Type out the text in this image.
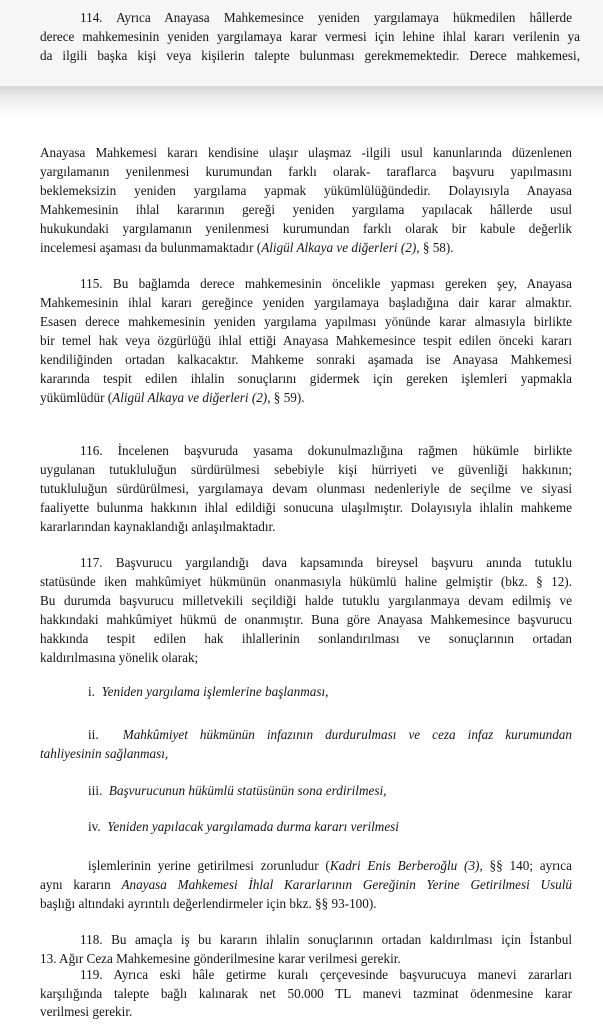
114. Ayrıca Anayasa Mahkemesince yeniden yargılamaya hükmedilen hâllerde
derece mahkemesinin yeniden yargılamaya karar vermesi için lehine ihlal kararı verilenin ya
da ilgili başka kişi veya kişilerin talepte bulunması gerekmemektedir. Derece mahkemesi,
Anayasa Mahkemesi kararı kendisine ulaşır ulaşmaz -ilgili usul kanunlarında düzenlenen
yargılamanın yenilenmesi kurumundan farklı olarak- taraflarca başvuru yapılmasını
beklemeksizin yeniden yargılama yapmak yükümlülüğündedir. Dolayısıyla Anayasa
Mahkemesinin ihlal kararının gereği yeniden yargılama yapılacak hâllerde usul
hukukundaki yargılamanın yenilenmesi kurumundan farklı olarak bir kabule değerlik
incelemesi aşaması da bulunmamaktadır (Aligül Alkaya ve diğerleri (2), § 58).
115. Bu bağlamda derece mahkemesinin öncelikle yapması gereken şey, Anayasa
Mahkemesinin ihlal kararı gereğince yeniden yargılamaya başladığına dair karar almaktır.
Esasen derece mahkemesinin yeniden yargılama yapılması yönünde karar almasıyla birlikte
bir temel hak veya özgürlüğü ihlal ettiği Anayasa Mahkemesince tespit edilen önceki kararı
kendiliğinden ortadan kalkacaktır. Mahkeme sonraki aşamada ise Anayasa Mahkemesi
kararında tespit edilen ihlalin sonuçlarını gidermek için gereken işlemleri yapmakla
yükümlüdür (Aligül Alkaya ve diğerleri (2), § 59).
116. İncelenen başvuruda yasama dokunulmazlığına rağmen hükümle birlikte
uygulanan tutukluluğun sürdürülmesi sebebiyle kişi hürriyeti ve güvenliği hakkının;
tutukluluğun sürdürülmesi, yargılamaya devam olunması nedenleriyle de seçilme ve siyasi
faaliyette bulunma hakkının ihlal edildiği sonucuna ulaşılmıştır. Dolayısıyla ihlalin mahkeme
kararlarından kaynaklandığı anlaşılmaktadır.
117. Başvurucu yargılandığı dava kapsamında bireysel başvuru anında tutuklu
statüsünde iken mahkûmiyet hükmünün onanmasıyla hükümlü haline gelmiştir (bkz. § 12).
Bu durumda başvurucu milletvekili seçildiği halde tutuklu yargılanmaya devam edilmiş ve
hakkındaki mahkûmiyet hükmü de onanmıştır. Buna göre Anayasa Mahkemesince başvurucu
hakkında tespit edilen hak ihlallerinin sonlandırılması ve sonuçlarının ortadan
kaldırılmasına yönelik olarak;
i. Yeniden yargılama işlemlerine başlanması,
ii. Mahkûmiyet hükmünün infazının durdurulması ve ceza infaz kurumundan
tahliyesinin sağlanması,
iii. Başvurucunun hükümlü statüsünün sona erdirilmesi,
iv. Yeniden yapılacak yargılamada durma kararı verilmesi
işlemlerinin yerine getirilmesi zorunludur (Kadri Enis Berberoğlu (3), §§ 140; ayrıca
aynı kararın Anayasa Mahkemesi İhlal Kararlarının Gereğinin Yerine Getirilmesi Usulü
başlığı altındaki ayrıntılı değerlendirmeler için bkz. §§ 93-100).
118. Bu amaçla iş bu kararın ihlalin sonuçlarının ortadan kaldırılması için İstanbul
13. Ağır Ceza Mahkemesine gönderilmesine karar verilmesi gerekir.
119. Ayrıca eski hâle getirme kuralı çerçevesinde başvurucuya manevi zararları
karşılığında talepte bağlı kalınarak net 50.000 TL manevi tazminat ödenmesine karar
verilmesi gerekir.
